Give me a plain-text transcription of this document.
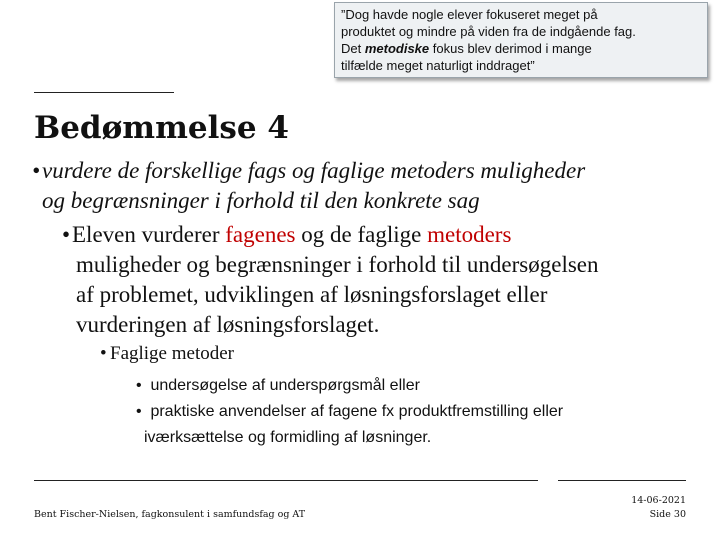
”Dog havde nogle elever fokuseret meget på
produktet og mindre på viden fra de indgående fag.
Det metodiske fokus blev derimod i mange
tilfælde meget naturligt inddraget”
Bedømmelse 4
•vurdere de forskellige fags og faglige metoders muligheder
og begrænsninger i forhold til den konkrete sag
•Eleven vurderer fagenes og de faglige metoders
muligheder og begrænsninger i forhold til undersøgelsen
af problemet, udviklingen af løsningsforslaget eller
vurderingen af løsningsforslaget.
• Faglige metoder
• undersøgelse af underspørgsmål eller
• praktiske anvendelser af fagene fx produktfremstilling eller
iværksættelse og formidling af løsninger.
Bent Fischer-Nielsen, fagkonsulent i samfundsfag og AT
14-06-2021
Side 30
